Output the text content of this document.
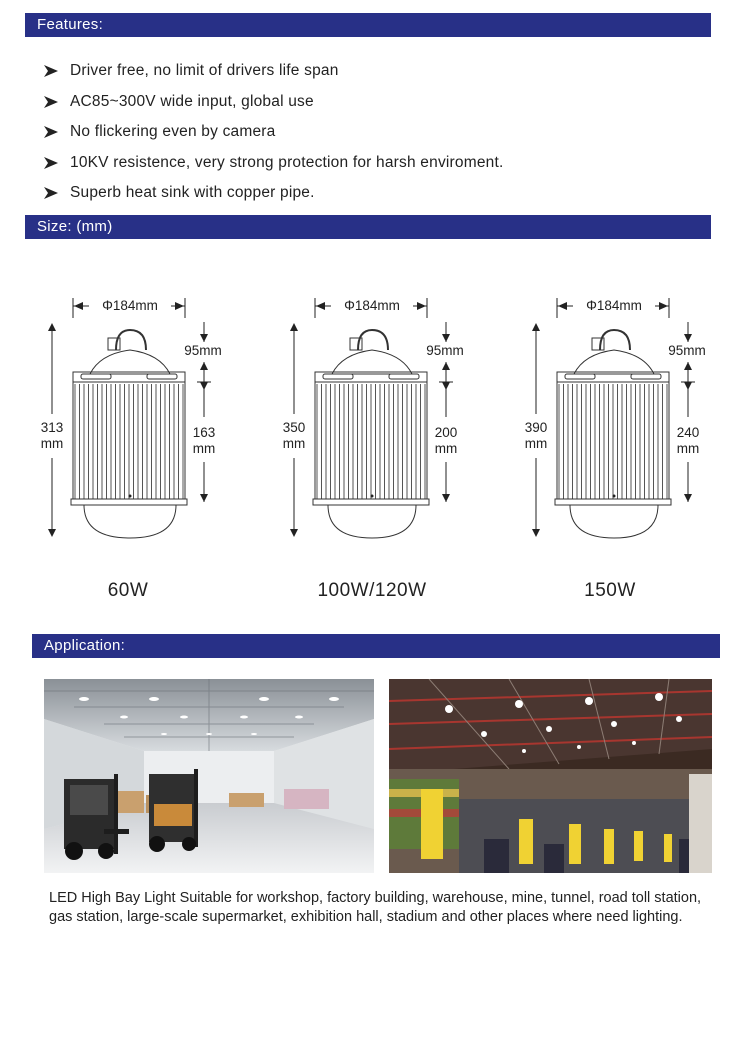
Features:
Size: (mm)
Application:
Driver free, no limit of drivers life span
AC85~300V wide input, global use
No flickering even by camera
10KV resistence, very strong protection for harsh enviroment.
Superb heat sink with copper pipe.
Φ184mm
95mm
313
mm
163
mm
Φ184mm
95mm
350
mm
200
mm
Φ184mm
95mm
390
mm
240
mm
60W	100W/120W	150W
LED High Bay Light Suitable for workshop, factory building, warehouse, mine, tunnel, road toll station, gas station, large-scale supermarket, exhibition hall, stadium and other places where need lighting.
